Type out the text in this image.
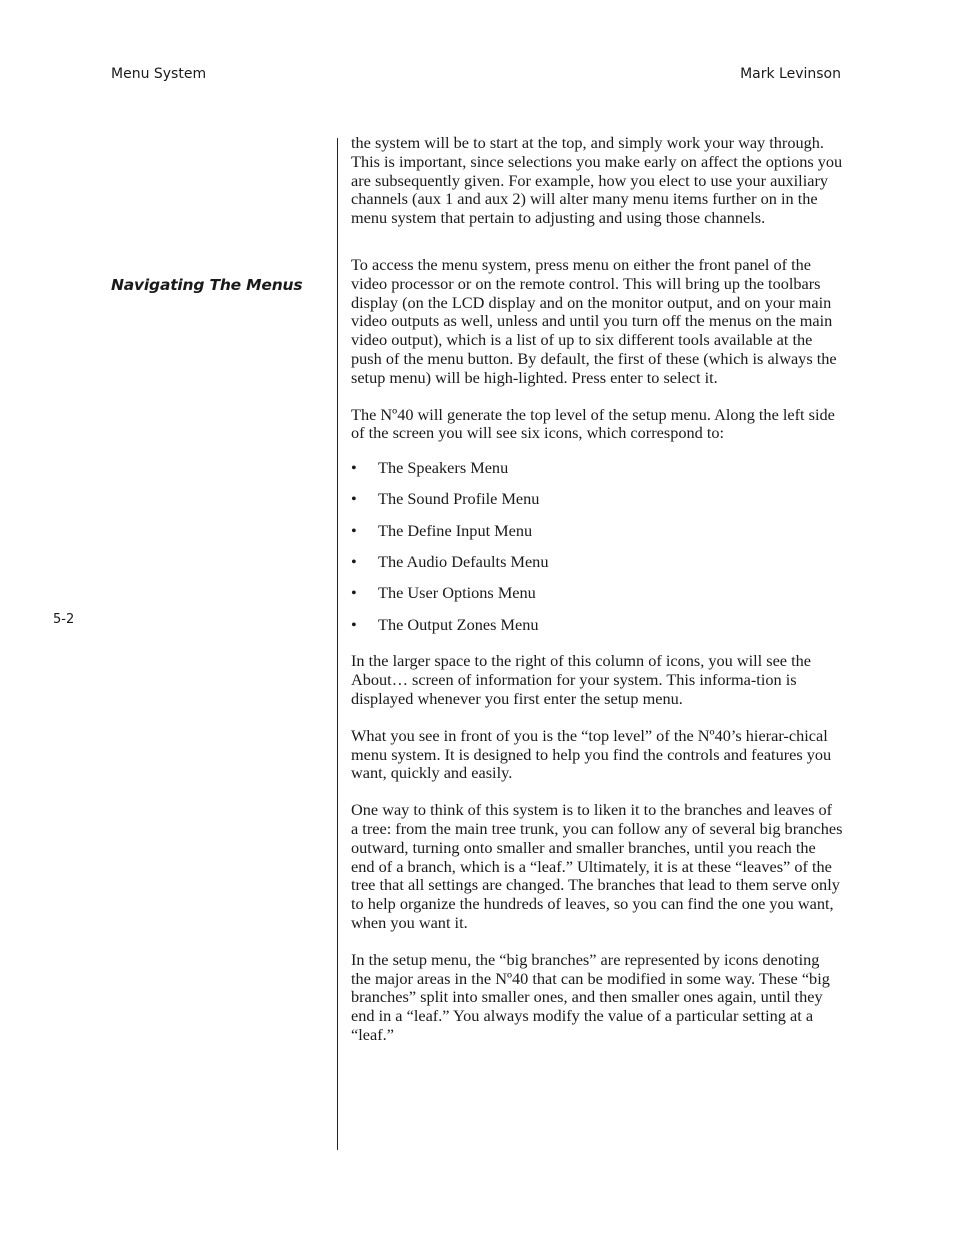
Menu System	Mark Levinson

Navigating The Menus

5-2

the system will be to start at the top, and simply work your way through. This is important, since selections you make early on affect the options you are subsequently given. For example, how you elect to use your auxiliary channels (aux 1 and aux 2) will alter many menu items further on in the menu system that pertain to adjusting and using those channels.

To access the menu system, press menu on either the front panel of the video processor or on the remote control. This will bring up the toolbars display (on the LCD display and on the monitor output, and on your main video outputs as well, unless and until you turn off the menus on the main video output), which is a list of up to six different tools available at the push of the menu button. By default, the first of these (which is always the setup menu) will be high-lighted. Press enter to select it.

The Nº40 will generate the top level of the setup menu. Along the left side of the screen you will see six icons, which correspond to:

• The Speakers Menu
• The Sound Profile Menu
• The Define Input Menu
• The Audio Defaults Menu
• The User Options Menu
• The Output Zones Menu

In the larger space to the right of this column of icons, you will see the About… screen of information for your system. This informa-tion is displayed whenever you first enter the setup menu.

What you see in front of you is the “top level” of the Nº40’s hierar-chical menu system. It is designed to help you find the controls and features you want, quickly and easily.

One way to think of this system is to liken it to the branches and leaves of a tree: from the main tree trunk, you can follow any of several big branches outward, turning onto smaller and smaller branches, until you reach the end of a branch, which is a “leaf.” Ultimately, it is at these “leaves” of the tree that all settings are changed. The branches that lead to them serve only to help organize the hundreds of leaves, so you can find the one you want, when you want it.

In the setup menu, the “big branches” are represented by icons denoting the major areas in the Nº40 that can be modified in some way. These “big branches” split into smaller ones, and then smaller ones again, until they end in a “leaf.” You always modify the value of a particular setting at a “leaf.”
